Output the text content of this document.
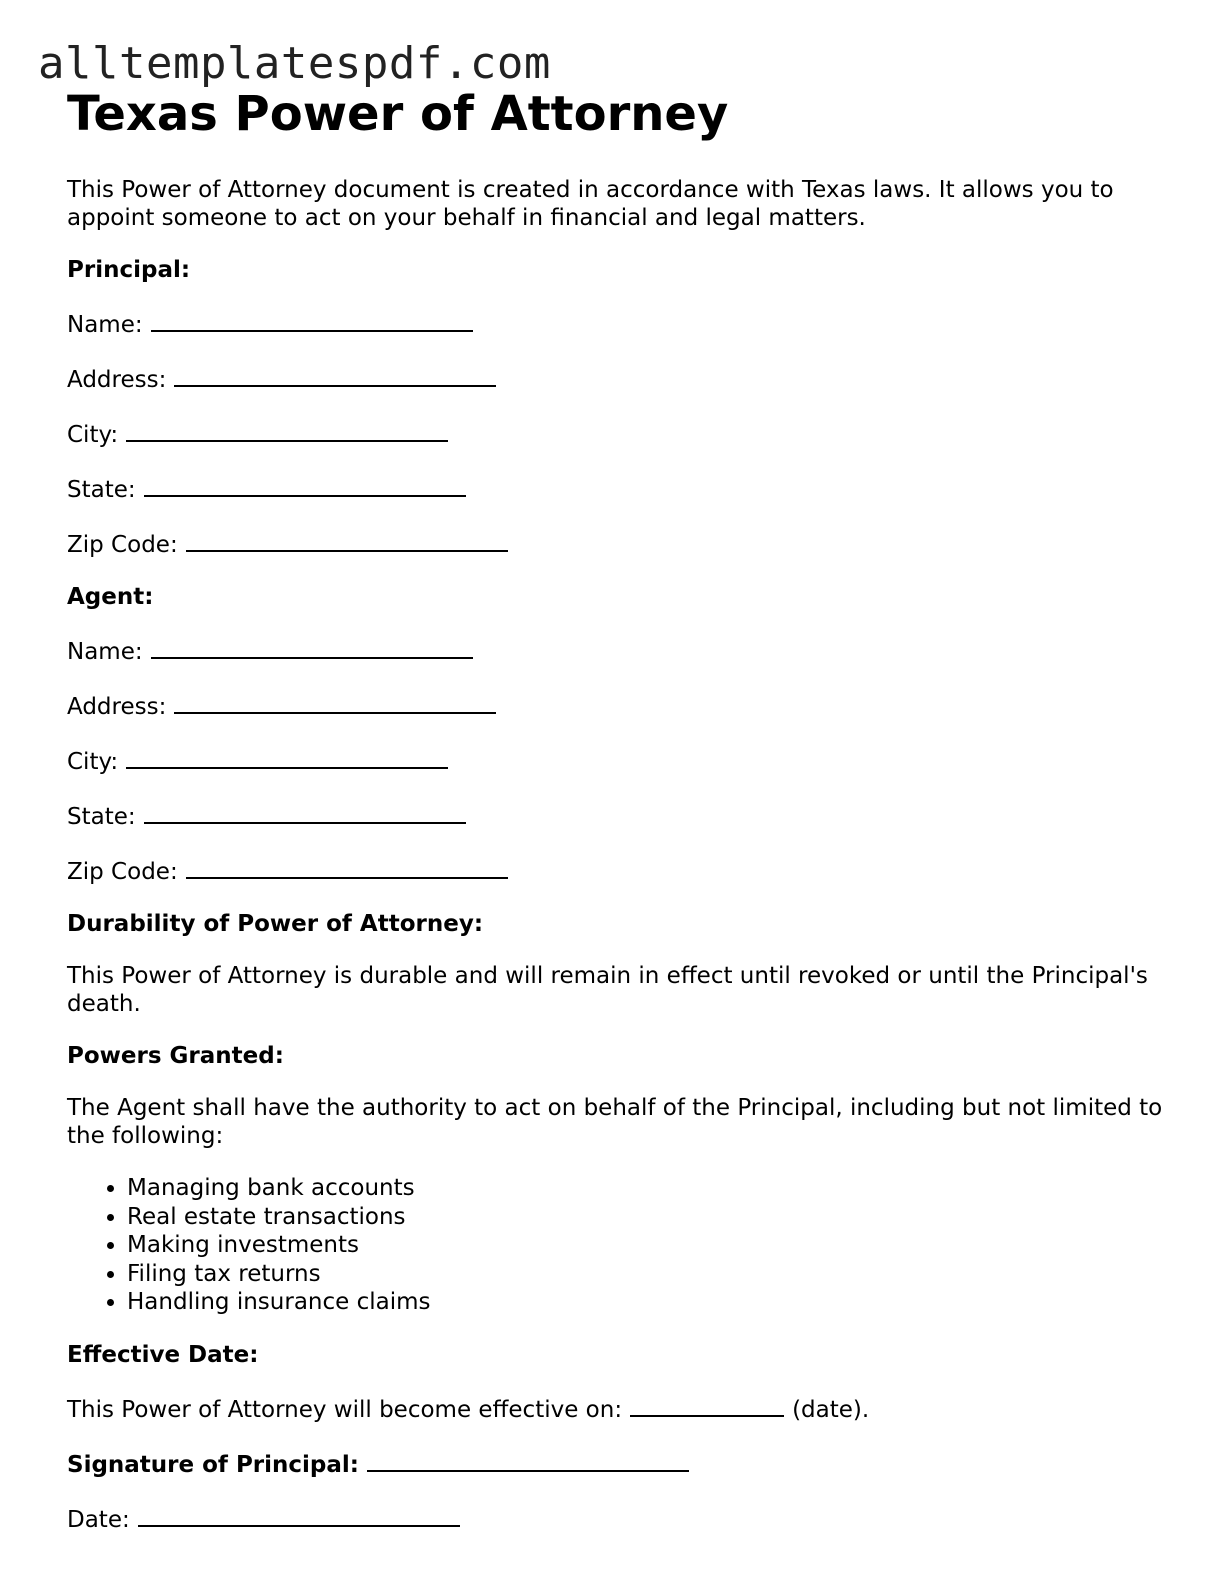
alltemplatespdf.com
Texas Power of Attorney

This Power of Attorney document is created in accordance with Texas laws. It allows you to appoint someone to act on your behalf in financial and legal matters.

Principal:

Name:

Address:

City:

State:

Zip Code:

Agent:

Name:

Address:

City:

State:

Zip Code:

Durability of Power of Attorney:

This Power of Attorney is durable and will remain in effect until revoked or until the Principal's death.

Powers Granted:

The Agent shall have the authority to act on behalf of the Principal, including but not limited to the following:

• Managing bank accounts
• Real estate transactions
• Making investments
• Filing tax returns
• Handling insurance claims

Effective Date:

This Power of Attorney will become effective on:	(date).

Signature of Principal:

Date:
